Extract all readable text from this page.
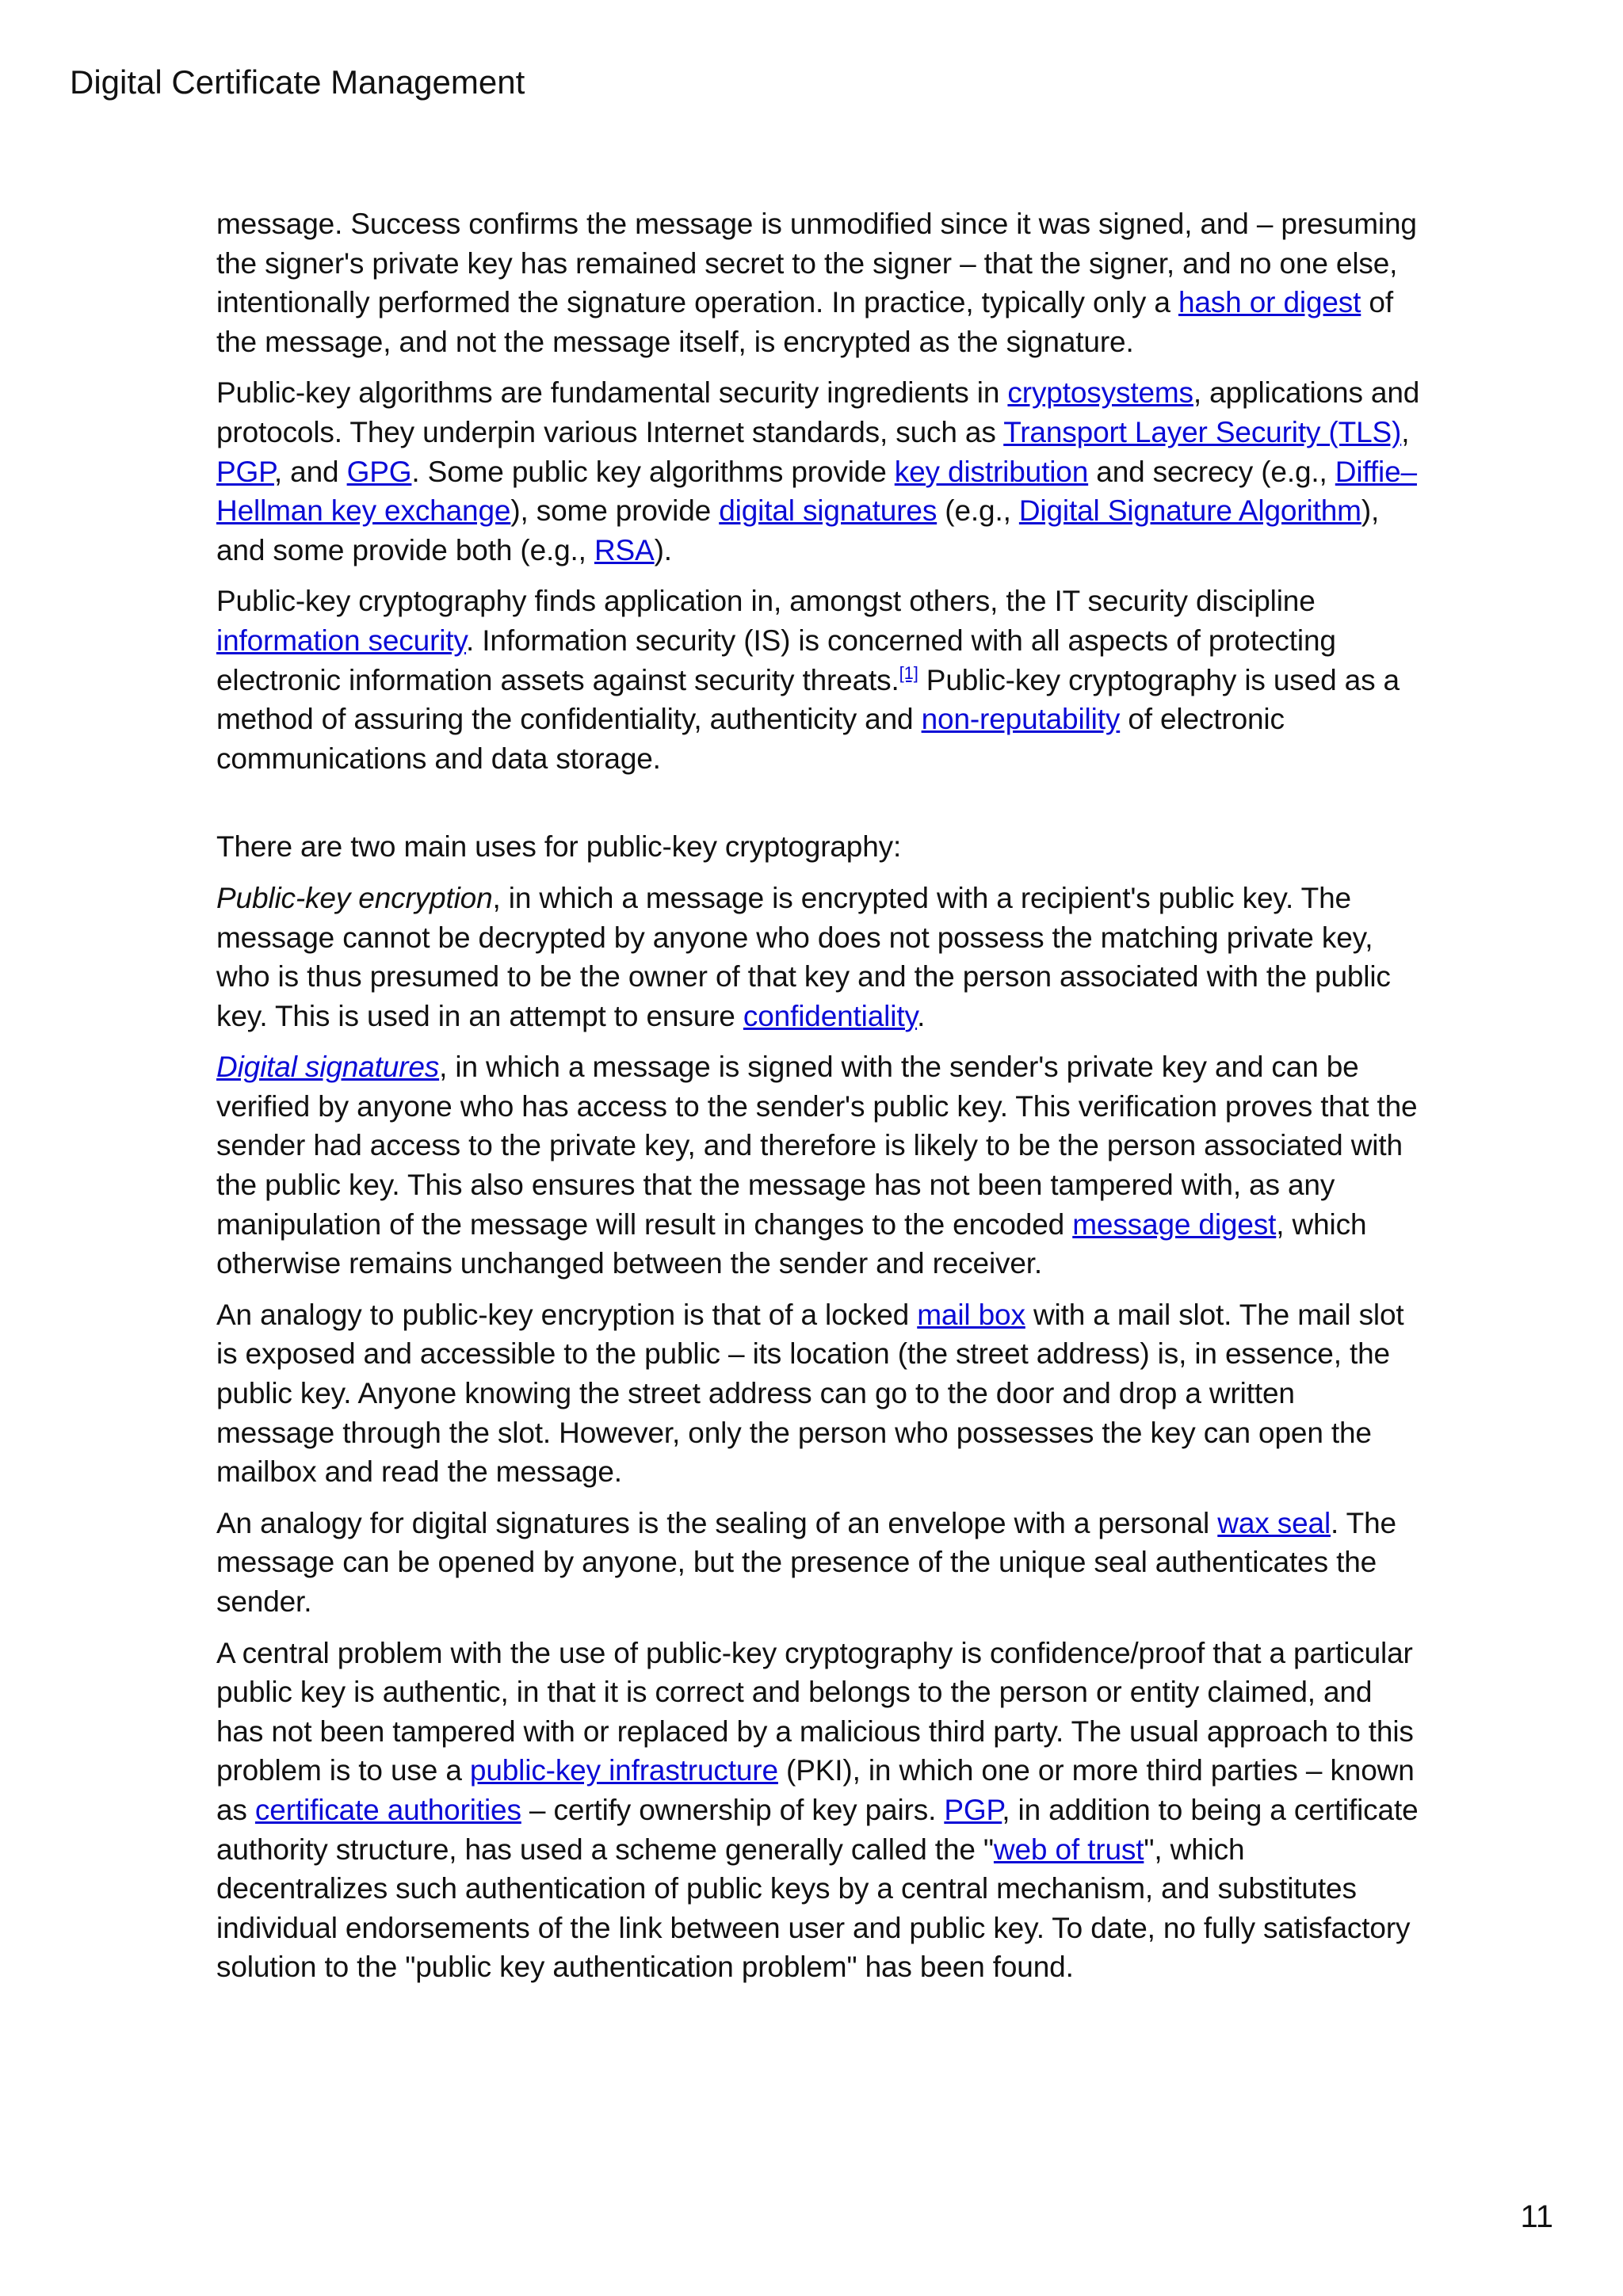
Digital Certificate Management

message. Success confirms the message is unmodified since it was signed, and – presuming the signer's private key has remained secret to the signer – that the signer, and no one else, intentionally performed the signature operation. In practice, typically only a hash or digest of the message, and not the message itself, is encrypted as the signature.

Public-key algorithms are fundamental security ingredients in cryptosystems, applications and protocols. They underpin various Internet standards, such as Transport Layer Security (TLS), PGP, and GPG. Some public key algorithms provide key distribution and secrecy (e.g., Diffie–Hellman key exchange), some provide digital signatures (e.g., Digital Signature Algorithm), and some provide both (e.g., RSA).

Public-key cryptography finds application in, amongst others, the IT security discipline information security. Information security (IS) is concerned with all aspects of protecting electronic information assets against security threats.[1] Public-key cryptography is used as a method of assuring the confidentiality, authenticity and non-reputability of electronic communications and data storage.

There are two main uses for public-key cryptography:

Public-key encryption, in which a message is encrypted with a recipient's public key. The message cannot be decrypted by anyone who does not possess the matching private key, who is thus presumed to be the owner of that key and the person associated with the public key. This is used in an attempt to ensure confidentiality.

Digital signatures, in which a message is signed with the sender's private key and can be verified by anyone who has access to the sender's public key. This verification proves that the sender had access to the private key, and therefore is likely to be the person associated with the public key. This also ensures that the message has not been tampered with, as any manipulation of the message will result in changes to the encoded message digest, which otherwise remains unchanged between the sender and receiver.

An analogy to public-key encryption is that of a locked mail box with a mail slot. The mail slot is exposed and accessible to the public – its location (the street address) is, in essence, the public key. Anyone knowing the street address can go to the door and drop a written message through the slot. However, only the person who possesses the key can open the mailbox and read the message.

An analogy for digital signatures is the sealing of an envelope with a personal wax seal. The message can be opened by anyone, but the presence of the unique seal authenticates the sender.

A central problem with the use of public-key cryptography is confidence/proof that a particular public key is authentic, in that it is correct and belongs to the person or entity claimed, and has not been tampered with or replaced by a malicious third party. The usual approach to this problem is to use a public-key infrastructure (PKI), in which one or more third parties – known as certificate authorities – certify ownership of key pairs. PGP, in addition to being a certificate authority structure, has used a scheme generally called the "web of trust", which decentralizes such authentication of public keys by a central mechanism, and substitutes individual endorsements of the link between user and public key. To date, no fully satisfactory solution to the "public key authentication problem" has been found.

11
